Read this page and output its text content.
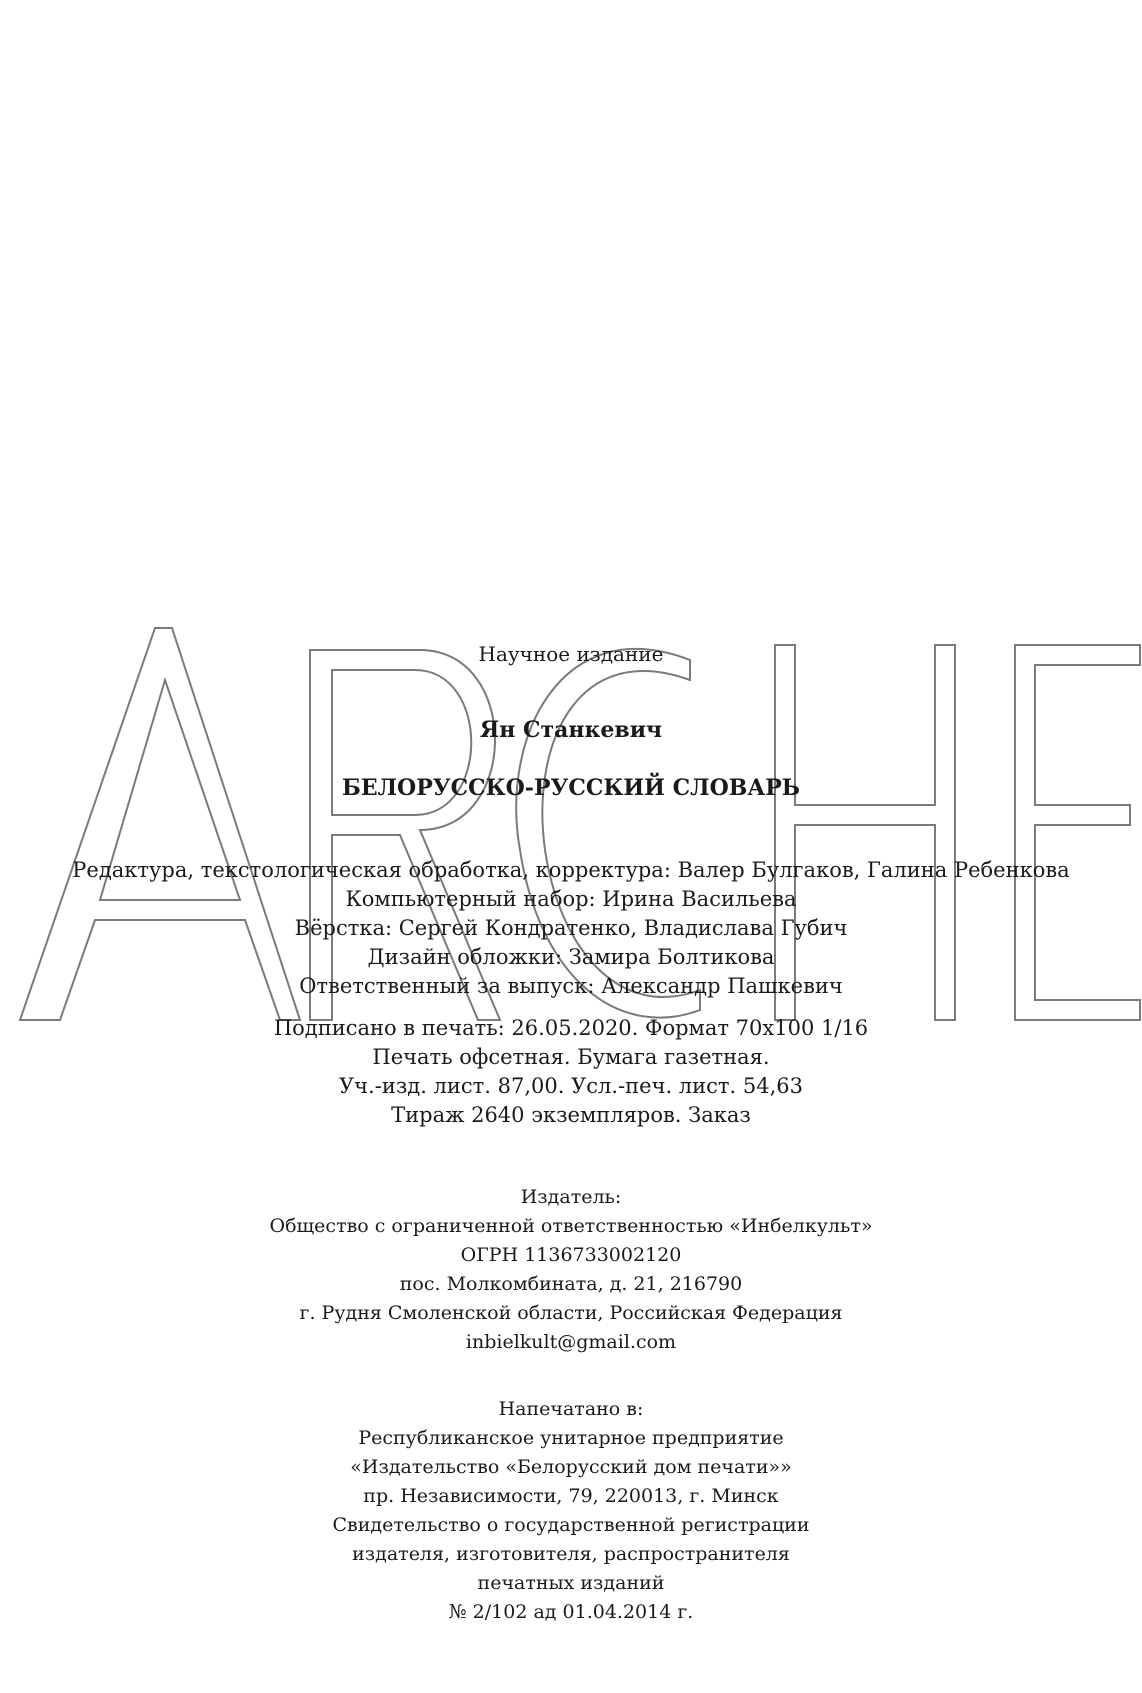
Научное издание
Ян Станкевич
БЕЛОРУССКО-РУССКИЙ СЛОВАРЬ
Редактура, текстологическая обработка, корректура: Валер Булгаков, Галина Ребенкова
Компьютерный набор: Ирина Васильева
Вёрстка: Сергей Кондратенко, Владислава Губич
Дизайн обложки: Замира Болтикова
Ответственный за выпуск: Александр Пашкевич
Подписано в печать: 26.05.2020. Формат 70х100 1/16
Печать офсетная. Бумага газетная.
Уч.-изд. лист. 87,00. Усл.-печ. лист. 54,63
Тираж 2640 экземпляров. Заказ
Издатель:
Общество с ограниченной ответственностью «Инбелкульт»
ОГРН 1136733002120
пос. Молкомбината, д. 21, 216790
г. Рудня Смоленской области, Российская Федерация
inbielkult@gmail.com
Напечатано в:
Республиканское унитарное предприятие
«Издательство «Белорусский дом печати»»
пр. Независимости, 79, 220013, г. Минск
Свидетельство о государственной регистрации
издателя, изготовителя, распространителя
печатных изданий
№ 2/102 ад 01.04.2014 г.
